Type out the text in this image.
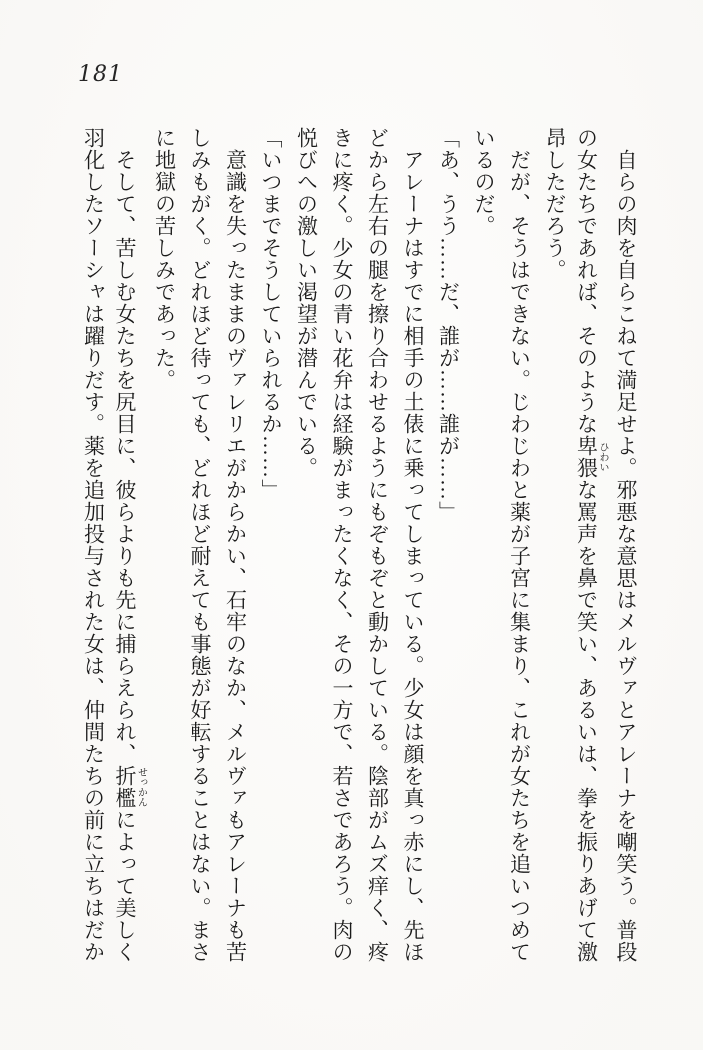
181

自らの肉を自らこねて満足せよ。邪悪な意思はメルヴァとアレーナを嘲笑う。普段

の女たちであれば、そのような卑猥ひわいな罵声を鼻で笑い、あるいは、拳を振りあげて激

昂しただろう。

だが、そうはできない。じわじわと薬が子宮に集まり、これが女たちを追いつめて

いるのだ。

「あ、うう……だ、誰が……誰が……」

アレーナはすでに相手の土俵に乗ってしまっている。少女は顔を真っ赤にし、先ほ

どから左右の腿を擦り合わせるようにもぞもぞと動かしている。陰部がムズ痒く、疼

きに疼く。少女の青い花弁は経験がまったくなく、その一方で、若さであろう。肉の

悦びへの激しい渇望が潜んでいる。

「いつまでそうしていられるか……」

意識を失ったままのヴァレリエがからかい、石牢のなか、メルヴァもアレーナも苦

しみもがく。どれほど待っても、どれほど耐えても事態が好転することはない。まさ

に地獄の苦しみであった。

そして、苦しむ女たちを尻目に、彼らよりも先に捕らえられ、折檻せっかんによって美しく

羽化したソーシャは躍りだす。薬を追加投与された女は、仲間たちの前に立ちはだか
